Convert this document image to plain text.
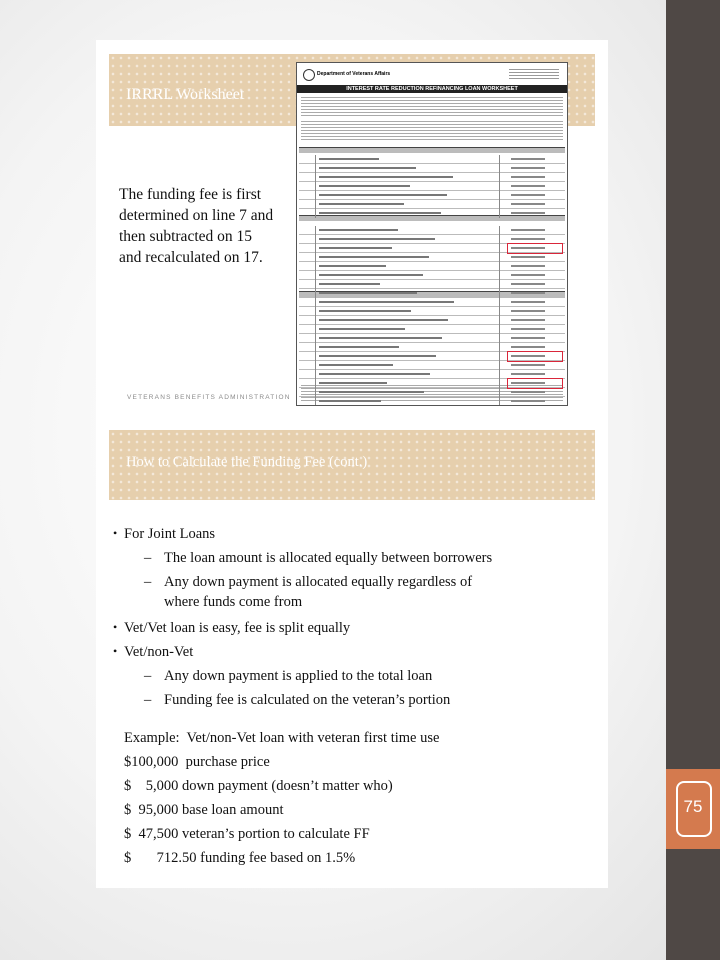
75
IRRRL Worksheet
The funding fee is first
determined on line 7 and
then subtracted on 15
and recalculated on 17.
VETERANS BENEFITS ADMINISTRATION
Department of Veterans Affairs
INTEREST RATE REDUCTION REFINANCING LOAN WORKSHEET
How to Calculate the Funding Fee (cont.)
• For Joint Loans
– The loan amount is allocated equally between borrowers
– Any down payment is allocated equally regardless of
where funds come from
• Vet/Vet loan is easy, fee is split equally
• Vet/non-Vet
– Any down payment is applied to the total loan
– Funding fee is calculated on the veteran’s portion
Example:  Vet/non-Vet loan with veteran first time use
$100,000  purchase price
$    5,000 down payment (doesn’t matter who)
$  95,000 base loan amount
$  47,500 veteran’s portion to calculate FF
$       712.50 funding fee based on 1.5%
